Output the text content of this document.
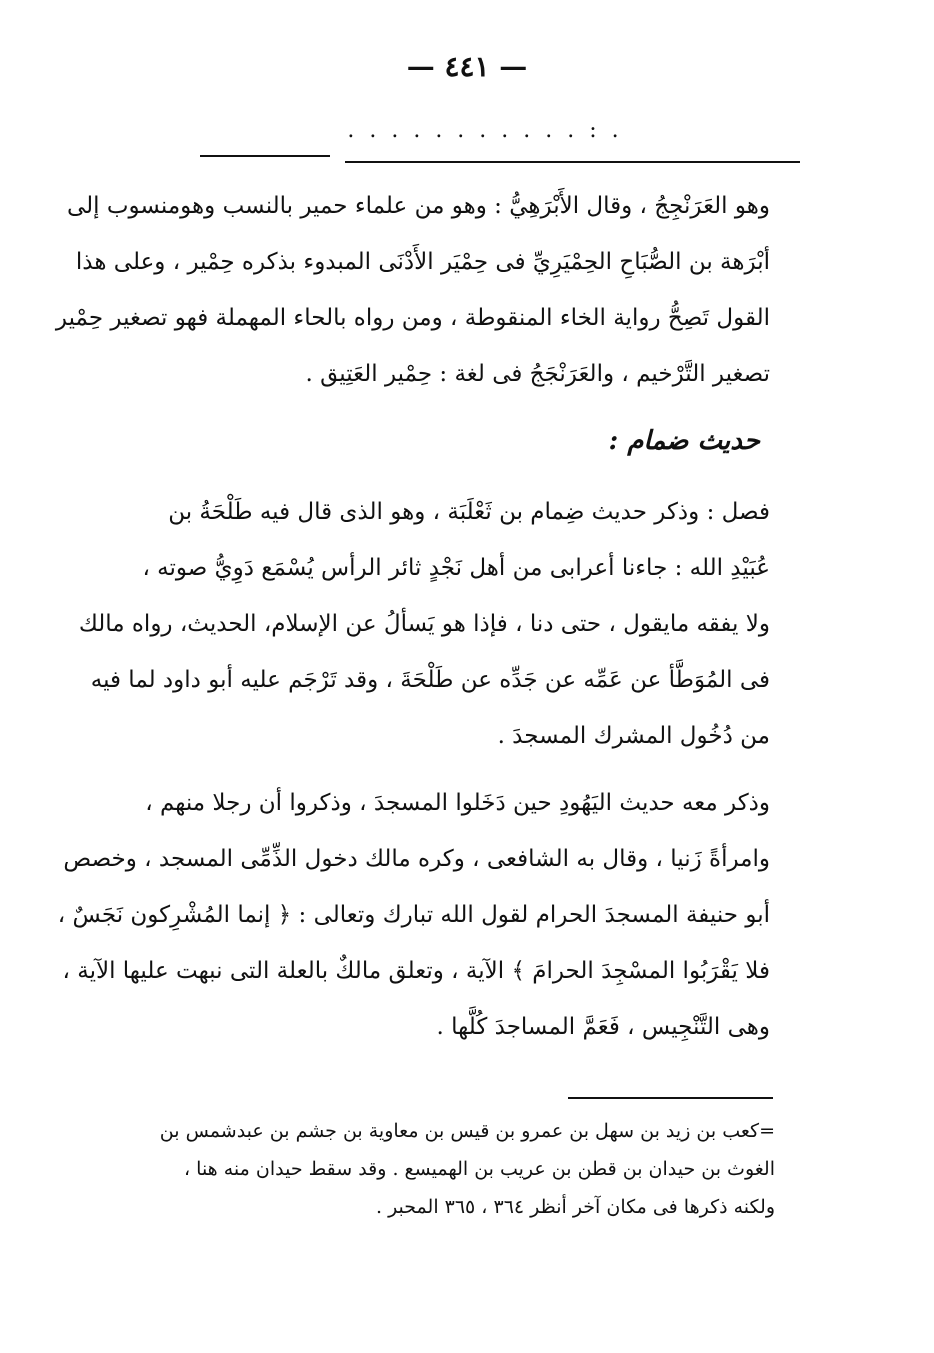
— ٤٤١ —
. . . . . . . . . . . : .
وهو العَرَنْجِجُ ، وقال الأَبْرَهِيُّ : وهو من علماء حمير بالنسب وهومنسوب إلى
أبْرَهة بن الصُّبَاحِ الحِمْيَرِيِّ فى حِمْيَر الأَدْنَى المبدوء بذكره حِمْير ، وعلى هذا
القول تَصِحُّ رواية الخاء المنقوطة ، ومن رواه بالحاء المهملة فهو تصغير حِمْير
تصغير التَّرْخيم ، والعَرَنْجَجُ فى لغة : حِمْير العَتِيق .
حديث ضمام :
فصل : وذكر حديث ضِمام بن ثَعْلَبَة ، وهو الذى قال فيه طَلْحَةُ بن
عُبَيْدِ الله : جاءنا أعرابى من أهل نَجْدٍ ثائر الرأس يُسْمَع دَوِيُّ صوته ،
ولا يفقه مايقول ، حتى دنا ، فإذا هو يَسألُ عن الإسلام، الحديث، رواه مالك
فى المُوَطَّأ عن عَمِّه عن جَدِّه عن طَلْحَةَ ، وقد تَرْجَم عليه أبو داود لما فيه
من دُخُول المشرك المسجدَ .
وذكر معه حديث اليَهُودِ حين دَخَلوا المسجدَ ، وذكروا أن رجلا منهم ،
وامرأةً زَنيا ، وقال به الشافعى ، وكره مالك دخول الذِّمِّى المسجد ، وخصص
أبو حنيفة المسجدَ الحرام لقول الله تبارك وتعالى : ﴿ إنما المُشْرِكون نَجَسٌ ،
فلا يَقْرَبُوا المسْجِدَ الحرامَ ﴾ الآية ، وتعلق مالكٌ بالعلة التى نبهت عليها الآية ،
وهى التَّنْجِيس ، فَعَمَّ المساجدَ كُلَّها .
=كعب بن زيد بن سهل بن عمرو بن قيس بن معاوية بن جشم بن عبدشمس بن
الغوث بن حيدان بن قطن بن عريب بن الهميسع . وقد سقط حيدان منه هنا ،
ولكنه ذكرها فى مكان آخر أنظر ٣٦٤ ، ٣٦٥ المحبر .
